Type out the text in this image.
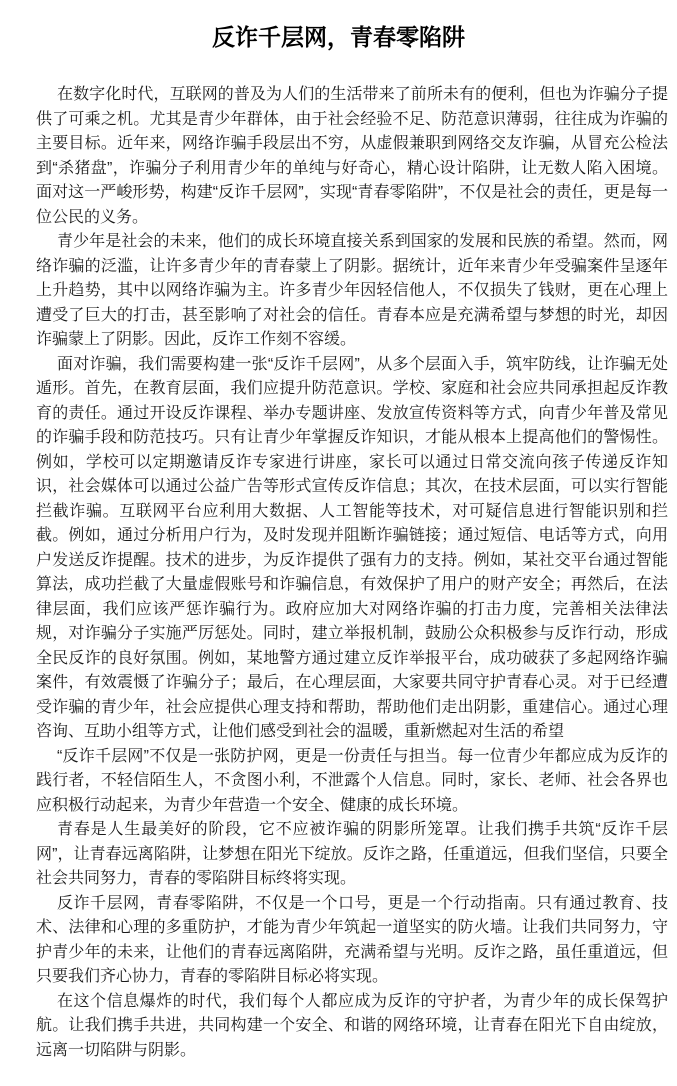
反诈千层网，青春零陷阱

在数字化时代，互联网的普及为人们的生活带来了前所未有的便利，但也为诈骗分子提供了可乘之机。尤其是青少年群体，由于社会经验不足、防范意识薄弱，往往成为诈骗的主要目标。近年来，网络诈骗手段层出不穷，从虚假兼职到网络交友诈骗，从冒充公检法到“杀猪盘”，诈骗分子利用青少年的单纯与好奇心，精心设计陷阱，让无数人陷入困境。面对这一严峻形势，构建“反诈千层网”，实现“青春零陷阱”，不仅是社会的责任，更是每一位公民的义务。

青少年是社会的未来，他们的成长环境直接关系到国家的发展和民族的希望。然而，网络诈骗的泛滥，让许多青少年的青春蒙上了阴影。据统计，近年来青少年受骗案件呈逐年上升趋势，其中以网络诈骗为主。许多青少年因轻信他人，不仅损失了钱财，更在心理上遭受了巨大的打击，甚至影响了对社会的信任。青春本应是充满希望与梦想的时光，却因诈骗蒙上了阴影。因此，反诈工作刻不容缓。

面对诈骗，我们需要构建一张“反诈千层网”，从多个层面入手，筑牢防线，让诈骗无处遁形。首先，在教育层面，我们应提升防范意识。学校、家庭和社会应共同承担起反诈教育的责任。通过开设反诈课程、举办专题讲座、发放宣传资料等方式，向青少年普及常见的诈骗手段和防范技巧。只有让青少年掌握反诈知识，才能从根本上提高他们的警惕性。例如，学校可以定期邀请反诈专家进行讲座，家长可以通过日常交流向孩子传递反诈知识，社会媒体可以通过公益广告等形式宣传反诈信息；其次，在技术层面，可以实行智能拦截诈骗。互联网平台应利用大数据、人工智能等技术，对可疑信息进行智能识别和拦截。例如，通过分析用户行为，及时发现并阻断诈骗链接；通过短信、电话等方式，向用户发送反诈提醒。技术的进步，为反诈提供了强有力的支持。例如，某社交平台通过智能算法，成功拦截了大量虚假账号和诈骗信息，有效保护了用户的财产安全；再然后，在法律层面，我们应该严惩诈骗行为。政府应加大对网络诈骗的打击力度，完善相关法律法规，对诈骗分子实施严厉惩处。同时，建立举报机制，鼓励公众积极参与反诈行动，形成全民反诈的良好氛围。例如，某地警方通过建立反诈举报平台，成功破获了多起网络诈骗案件，有效震慑了诈骗分子；最后，在心理层面，大家要共同守护青春心灵。对于已经遭受诈骗的青少年，社会应提供心理支持和帮助，帮助他们走出阴影，重建信心。通过心理咨询、互助小组等方式，让他们感受到社会的温暖，重新燃起对生活的希望

“反诈千层网”不仅是一张防护网，更是一份责任与担当。每一位青少年都应成为反诈的践行者，不轻信陌生人，不贪图小利，不泄露个人信息。同时，家长、老师、社会各界也应积极行动起来，为青少年营造一个安全、健康的成长环境。

青春是人生最美好的阶段，它不应被诈骗的阴影所笼罩。让我们携手共筑“反诈千层网”，让青春远离陷阱，让梦想在阳光下绽放。反诈之路，任重道远，但我们坚信，只要全社会共同努力，青春的零陷阱目标终将实现。

反诈千层网，青春零陷阱，不仅是一个口号，更是一个行动指南。只有通过教育、技术、法律和心理的多重防护，才能为青少年筑起一道坚实的防火墙。让我们共同努力，守护青少年的未来，让他们的青春远离陷阱，充满希望与光明。反诈之路，虽任重道远，但只要我们齐心协力，青春的零陷阱目标必将实现。

在这个信息爆炸的时代，我们每个人都应成为反诈的守护者，为青少年的成长保驾护航。让我们携手共进，共同构建一个安全、和谐的网络环境，让青春在阳光下自由绽放，远离一切陷阱与阴影。
